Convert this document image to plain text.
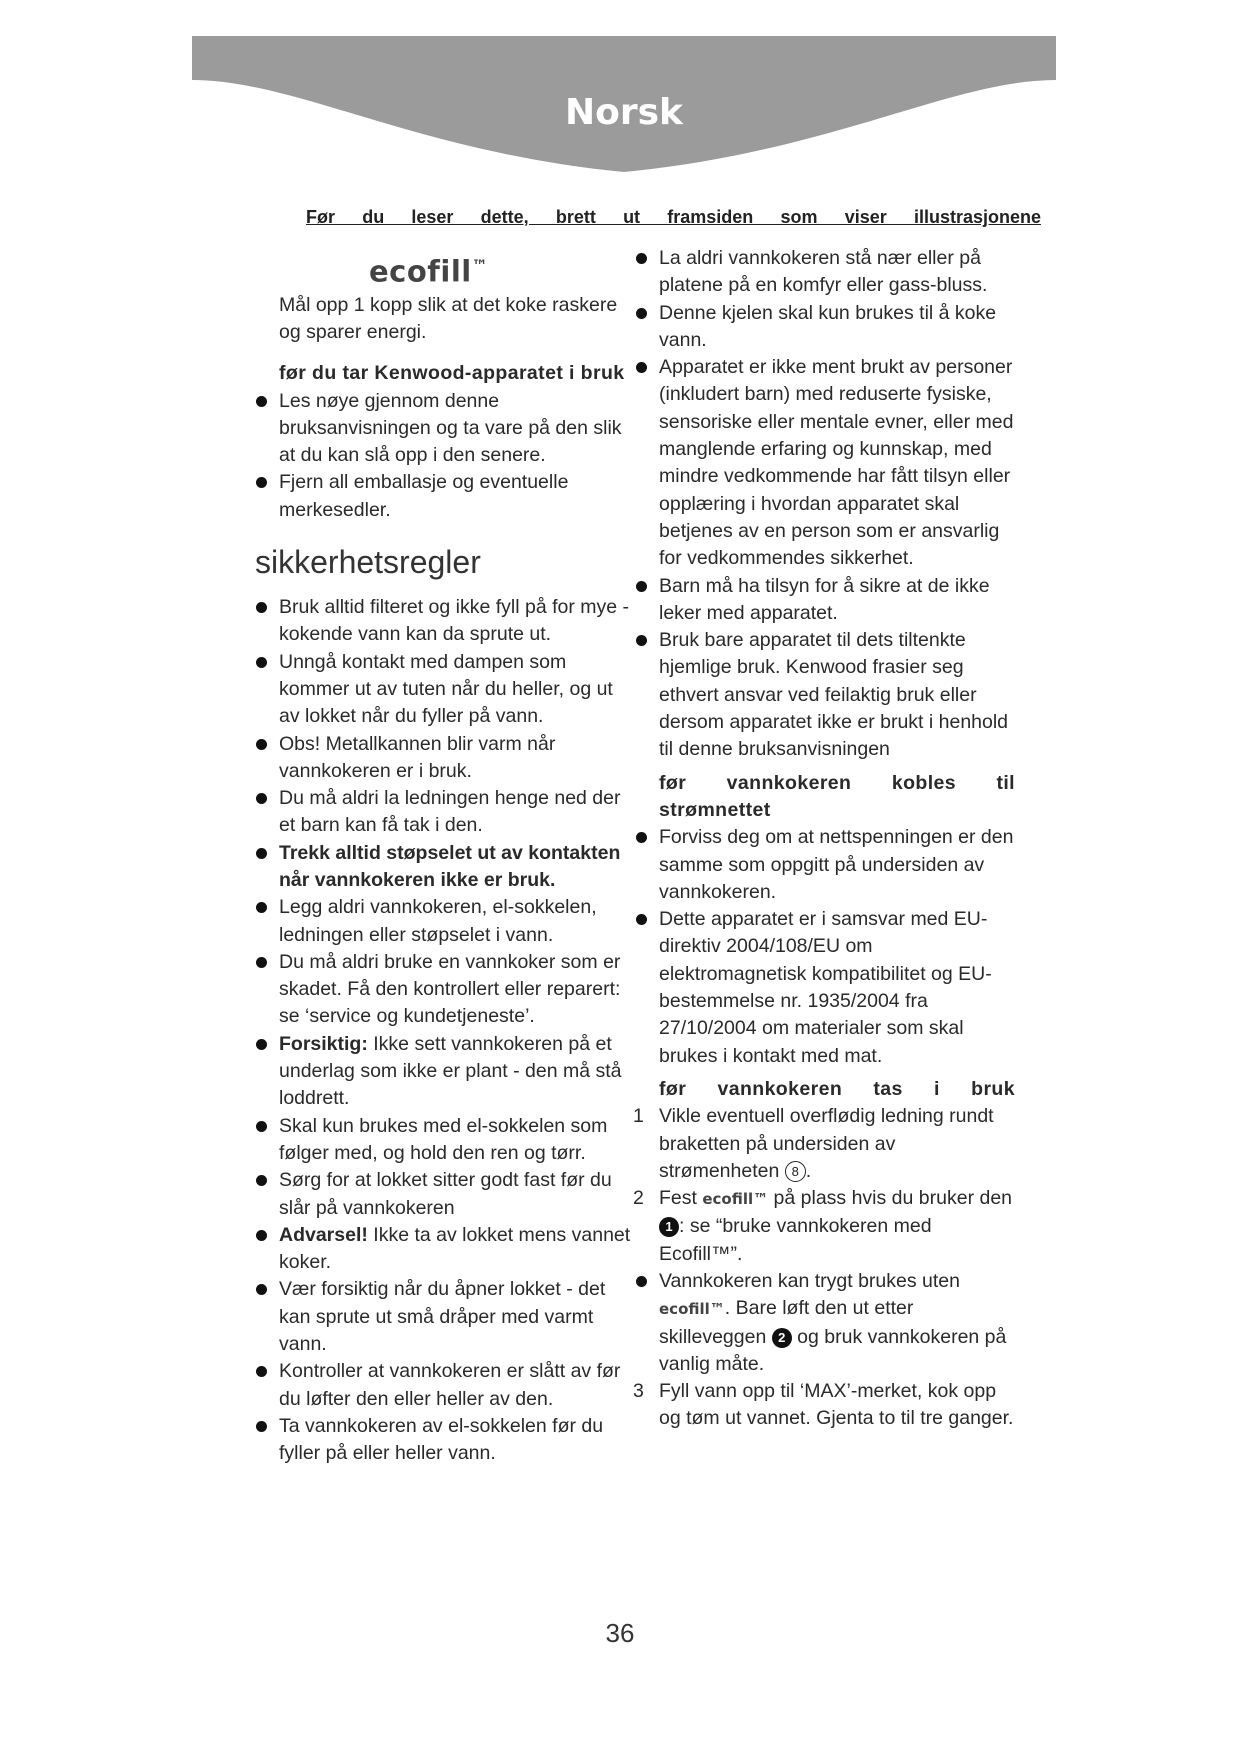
Norsk
Før du leser dette, brett ut framsiden som viser illustrasjonene
ecofill™
Mål opp 1 kopp slik at det koke raskere og sparer energi.
før du tar Kenwood-apparatet i bruk
Les nøye gjennom denne bruksanvisningen og ta vare på den slik at du kan slå opp i den senere.
Fjern all emballasje og eventuelle merkesedler.
sikkerhetsregler
Bruk alltid filteret og ikke fyll på for mye - kokende vann kan da sprute ut.
Unngå kontakt med dampen som kommer ut av tuten når du heller, og ut av lokket når du fyller på vann.
Obs! Metallkannen blir varm når vannkokeren er i bruk.
Du må aldri la ledningen henge ned der et barn kan få tak i den.
Trekk alltid støpselet ut av kontakten når vannkokeren ikke er bruk.
Legg aldri vannkokeren, el-sokkelen, ledningen eller støpselet i vann.
Du må aldri bruke en vannkoker som er skadet. Få den kontrollert eller reparert: se ‘service og kundetjeneste’.
Forsiktig: Ikke sett vannkokeren på et underlag som ikke er plant - den må stå loddrett.
Skal kun brukes med el-sokkelen som følger med, og hold den ren og tørr.
Sørg for at lokket sitter godt fast før du slår på vannkokeren
Advarsel! Ikke ta av lokket mens vannet koker.
Vær forsiktig når du åpner lokket - det kan sprute ut små dråper med varmt vann.
Kontroller at vannkokeren er slått av før du løfter den eller heller av den.
Ta vannkokeren av el-sokkelen før du fyller på eller heller vann.
La aldri vannkokeren stå nær eller på platene på en komfyr eller gass-bluss.
Denne kjelen skal kun brukes til å koke vann.
Apparatet er ikke ment brukt av personer (inkludert barn) med reduserte fysiske, sensoriske eller mentale evner, eller med manglende erfaring og kunnskap, med mindre vedkommende har fått tilsyn eller opplæring i hvordan apparatet skal betjenes av en person som er ansvarlig for vedkommendes sikkerhet.
Barn må ha tilsyn for å sikre at de ikke leker med apparatet.
Bruk bare apparatet til dets tiltenkte hjemlige bruk. Kenwood frasier seg ethvert ansvar ved feilaktig bruk eller dersom apparatet ikke er brukt i henhold til denne bruksanvisningen
før vannkokeren kobles til strømnettet
Forviss deg om at nettspenningen er den samme som oppgitt på undersiden av vannkokeren.
Dette apparatet er i samsvar med EU-direktiv 2004/108/EU om elektromagnetisk kompatibilitet og EU-bestemmelse nr. 1935/2004 fra 27/10/2004 om materialer som skal brukes i kontakt med mat.
før vannkokeren tas i bruk
1 Vikle eventuell overflødig ledning rundt braketten på undersiden av strømenheten 8 .
2 Fest ecofill™ på plass hvis du bruker den 1 : se “bruke vannkokeren med Ecofill™”.
Vannkokeren kan trygt brukes uten ecofill™. Bare løft den ut etter skilleveggen 2 og bruk vannkokeren på vanlig måte.
3 Fyll vann opp til ‘MAX’-merket, kok opp og tøm ut vannet. Gjenta to til tre ganger.
36
